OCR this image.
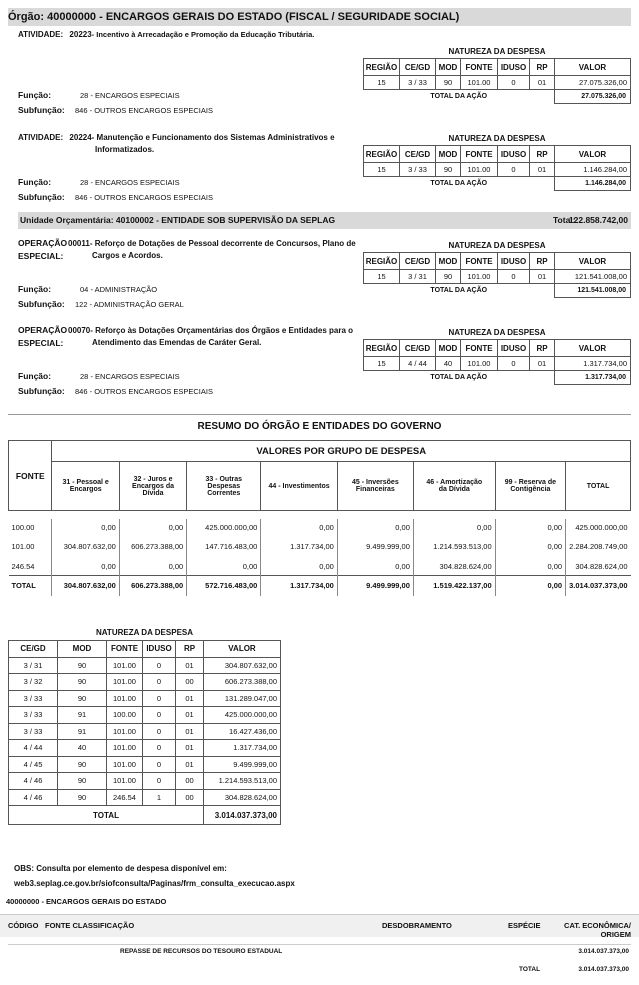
Órgão: 40000000 - ENCARGOS GERAIS DO ESTADO (FISCAL / SEGURIDADE SOCIAL)
ATIVIDADE: 20223- Incentivo à Arrecadação e Promoção da Educação Tributária.
Função:	28 - ENCARGOS ESPECIAIS
Subfunção: 846 - OUTROS ENCARGOS ESPECIAIS
NATUREZA DA DESPESA						
REGIÃO	CE/GD	MOD	FONTE	IDUSO	RP	VALOR
15	3 / 33	90	101.00	0	01	27.075.326,00
TOTAL DA AÇÃO						27.075.326,00
ATIVIDADE: 20224- Manutenção e Funcionamento dos Sistemas Administrativos e
Informatizados.
Função:	28 - ENCARGOS ESPECIAIS
Subfunção: 846 - OUTROS ENCARGOS ESPECIAIS
NATUREZA DA DESPESA						
REGIÃO	CE/GD	MOD	FONTE	IDUSO	RP	VALOR
15	3 / 33	90	101.00	0	01	1.146.284,00
TOTAL DA AÇÃO						1.146.284,00
Unidade Orçamentária: 40100002 - ENTIDADE SOB SUPERVISÃO DA SEPLAG	Total:
122.858.742,00
OPERAÇÃO
ESPECIAL:
00011- Reforço de Dotações de Pessoal decorrente de Concursos, Plano de
Cargos e Acordos.
Função:	04 - ADMINISTRAÇÃO
Subfunção: 122 - ADMINISTRAÇÃO GERAL
NATUREZA DA DESPESA						
REGIÃO	CE/GD	MOD	FONTE	IDUSO	RP	VALOR
15	3 / 31	90	101.00	0	01	121.541.008,00
TOTAL DA AÇÃO						121.541.008,00
OPERAÇÃO
ESPECIAL:
00070- Reforço às Dotações Orçamentárias dos Órgãos e Entidades para o
Atendimento das Emendas de Caráter Geral.
Função:	28 - ENCARGOS ESPECIAIS
Subfunção: 846 - OUTROS ENCARGOS ESPECIAIS
NATUREZA DA DESPESA						
REGIÃO	CE/GD	MOD	FONTE	IDUSO	RP	VALOR
15	4 / 44	40	101.00	0	01	1.317.734,00
TOTAL DA AÇÃO						1.317.734,00
RESUMO DO ÓRGÃO E ENTIDADES DO GOVERNO
FONTE	VALORES POR GRUPO DE DESPESA							
	31 - Pessoal e
Encargos	32 - Juros e
Encargos da
Dívida	33 - Outras
Despesas
Correntes	44 - Investimentos	45 - Inversões
Financeiras	46 - Amortização
da Dívida	99 - Reserva de
Contigência	TOTAL

100.00	0,00	0,00	425.000.000,00	0,00	0,00	0,00	0,00	425.000.000,00
101.00	304.807.632,00	606.273.388,00	147.716.483,00	1.317.734,00	9.499.999,00	1.214.593.513,00	0,00	2.284.208.749,00
246.54	0,00	0,00	0,00	0,00	0,00	304.828.624,00	0,00	304.828.624,00
TOTAL	304.807.632,00	606.273.388,00	572.716.483,00	1.317.734,00	9.499.999,00	1.519.422.137,00	0,00	3.014.037.373,00
NATUREZA DA DESPESA					
CE/GD	MOD	FONTE	IDUSO	RP	VALOR
3 / 31	90	101.00	0	01	304.807.632,00
3 / 32	90	101.00	0	00	606.273.388,00
3 / 33	90	101.00	0	01	131.289.047,00
3 / 33	91	100.00	0	01	425.000.000,00
3 / 33	91	101.00	0	01	16.427.436,00
4 / 44	40	101.00	0	01	1.317.734,00
4 / 45	90	101.00	0	01	9.499.999,00
4 / 46	90	101.00	0	00	1.214.593.513,00
4 / 46	90	246.54	1	00	304.828.624,00
TOTAL					3.014.037.373,00
OBS: Consulta por elemento de despesa disponível em:
web3.seplag.ce.gov.br/siofconsulta/Paginas/frm_consulta_execucao.aspx
40000000 - ENCARGOS GERAIS DO ESTADO
CÓDIGO FONTE CLASSIFICAÇÃO	DESDOBRAMENTO	ESPÉCIE	CAT. ECONÔMICA/
ORIGEM
REPASSE DE RECURSOS DO TESOURO ESTADUAL	3.014.037.373,00
TOTAL	3.014.037.373,00
